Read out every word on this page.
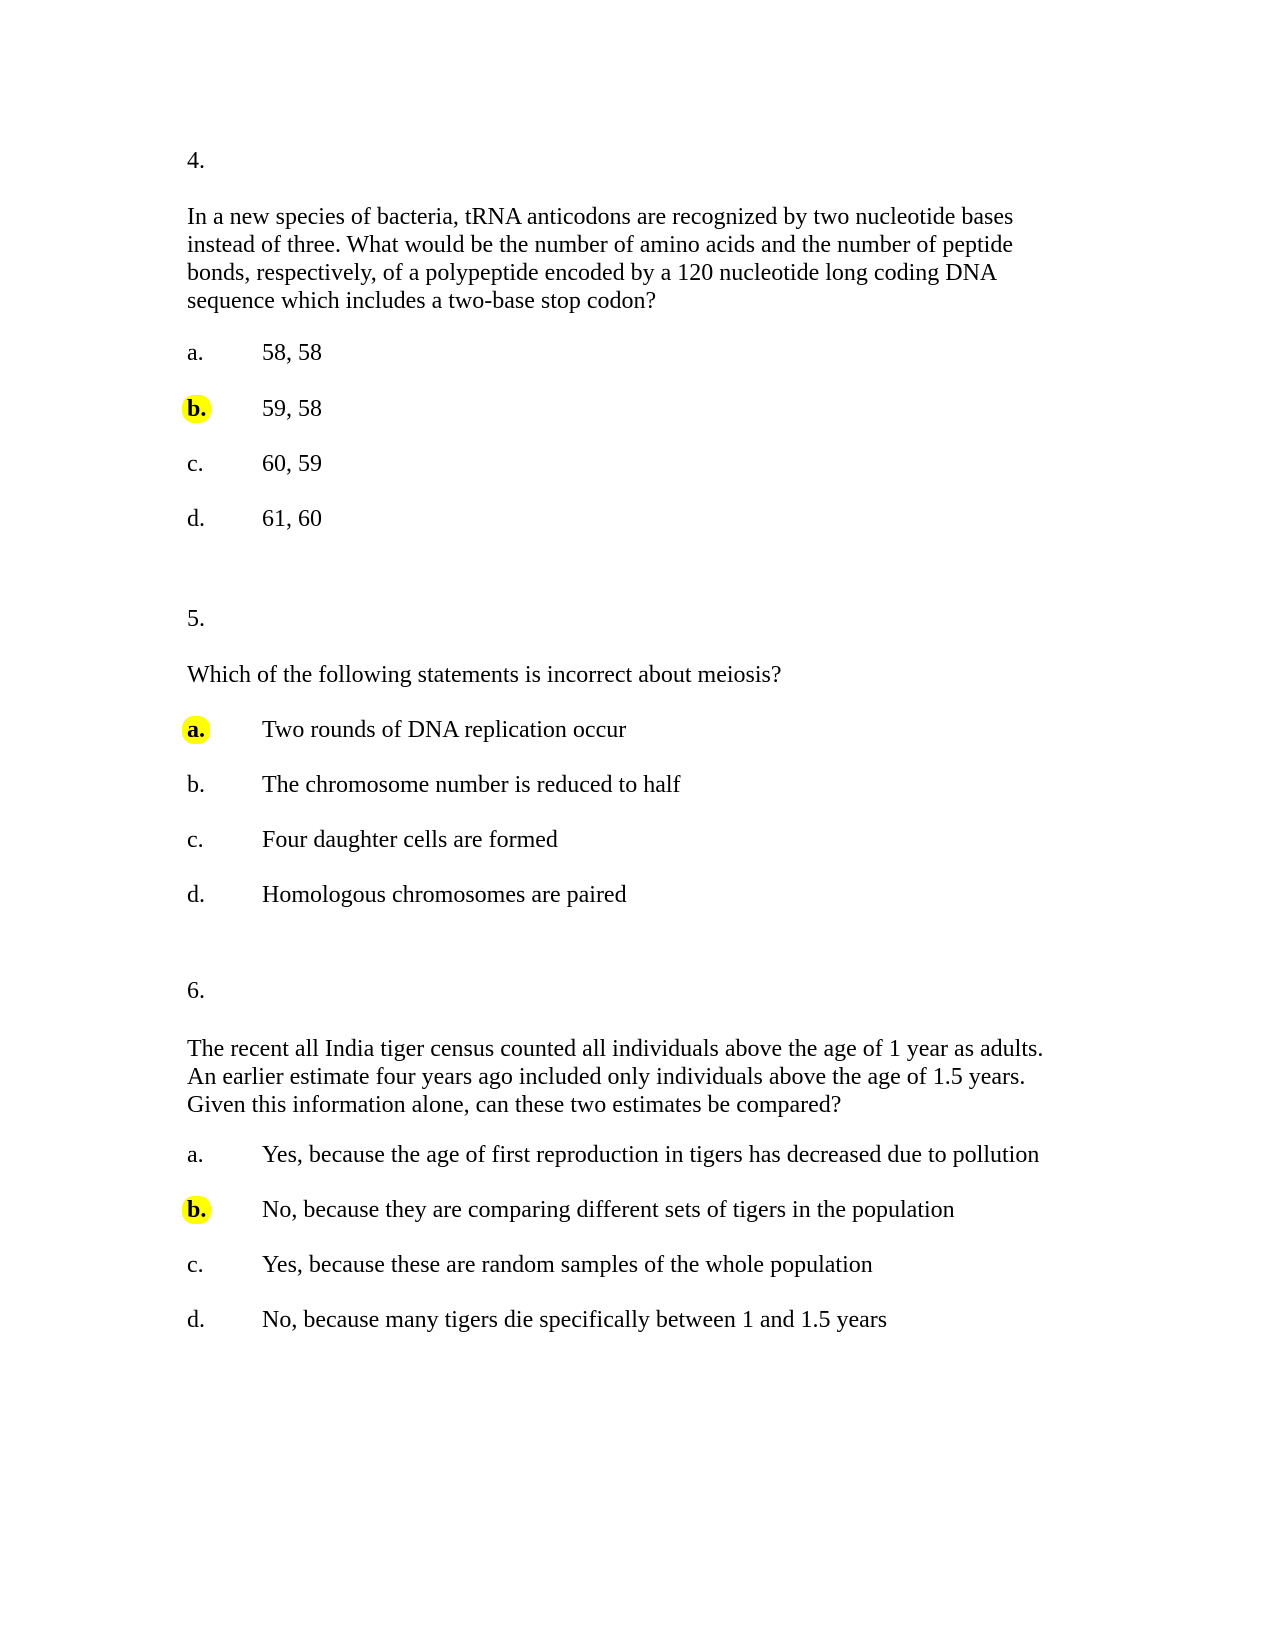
4.
In a new species of bacteria, tRNA anticodons are recognized by two nucleotide bases
instead of three. What would be the number of amino acids and the number of peptide
bonds, respectively, of a polypeptide encoded by a 120 nucleotide long coding DNA
sequence which includes a two-base stop codon?
a.	58, 58
b.	59, 58
c.	60, 59
d.	61, 60
5.
Which of the following statements is incorrect about meiosis?
a.	Two rounds of DNA replication occur
b.	The chromosome number is reduced to half
c.	Four daughter cells are formed
d.	Homologous chromosomes are paired
6.
The recent all India tiger census counted all individuals above the age of 1 year as adults.
An earlier estimate four years ago included only individuals above the age of 1.5 years.
Given this information alone, can these two estimates be compared?
a.	Yes, because the age of first reproduction in tigers has decreased due to pollution
b.	No, because they are comparing different sets of tigers in the population
c.	Yes, because these are random samples of the whole population
d.	No, because many tigers die specifically between 1 and 1.5 years
